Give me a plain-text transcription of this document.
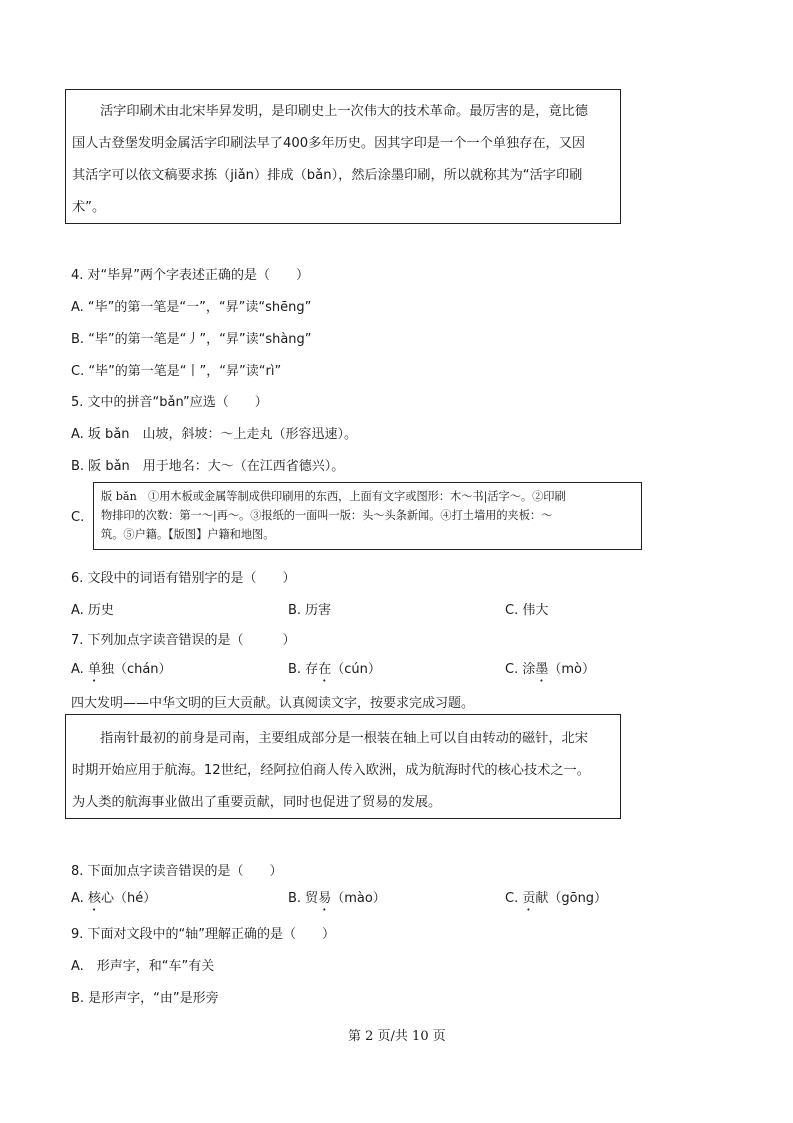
活字印刷术由北宋毕昇发明，是印刷史上一次伟大的技术革命。最厉害的是，竟比德
国人古登堡发明金属活字印刷法早了400多年历史。因其字印是一个一个单独存在，又因
其活字可以依文稿要求拣（jiǎn）排成（bǎn），然后涂墨印刷，所以就称其为“活字印刷
术”。
4. 对“毕昇”两个字表述正确的是（　　）
A. “毕”的第一笔是“一”，“昇”读“shēng”
B. “毕”的第一笔是“丿”，“昇”读“shàng”
C. “毕”的第一笔是“丨”，“昇”读“rì”
5. 文中的拼音“bǎn”应选（　　）
A. 坂 bǎn　山坡，斜坡：～上走丸（形容迅速）。
B. 阪 bǎn　用于地名：大～（在江西省德兴）。
C.
版 bǎn　①用木板或金属等制成供印刷用的东西，上面有文字或图形：木～书|活字～。②印刷
物排印的次数：第一～|再～。③报纸的一面叫一版：头～头条新闻。④打土墙用的夹板：～
筑。⑤户籍。【版图】户籍和地图。
6. 文段中的词语有错别字的是（　　）
A. 历史	B. 历害	C. 伟大
7. 下列加点字读音错误的是（　　　）
A. 单独（chán）	B. 存在（cún）	C. 涂墨（mò）
四大发明——中华文明的巨大贡献。认真阅读文字，按要求完成习题。
指南针最初的前身是司南，主要组成部分是一根装在轴上可以自由转动的磁针，北宋
时期开始应用于航海。12世纪，经阿拉伯商人传入欧洲，成为航海时代的核心技术之一。
为人类的航海事业做出了重要贡献，同时也促进了贸易的发展。
8. 下面加点字读音错误的是（　　）
A. 核心（hé）	B. 贸易（mào）	C. 贡献（gōng）
9. 下面对文段中的“轴”理解正确的是（　　）
A.　形声字，和“车”有关
B. 是形声字，“由”是形旁
第 2 页/共 10 页
